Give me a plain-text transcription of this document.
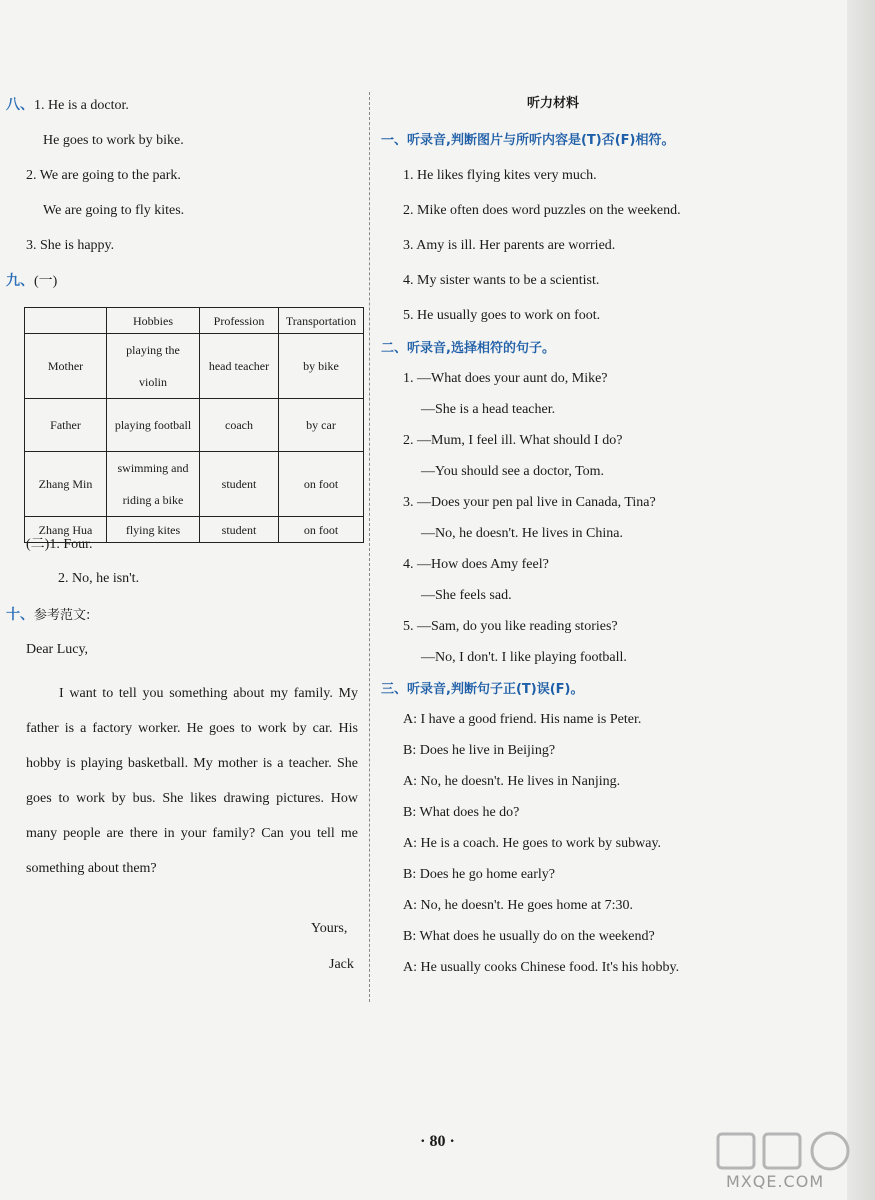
八、1. He is a doctor.
He goes to work by bike.
2. We are going to the park.
We are going to fly kites.
3. She is happy.
九、(一)
	Hobbies	Profession	Transportation
Mother	playing the violin	head teacher	by bike
Father	playing football	coach	by car
Zhang Min	swimming and riding a bike	student	on foot
Zhang Hua	flying kites	student	on foot
(二)1. Four.
2. No, he isn't.
十、参考范文:
Dear Lucy,

I want to tell you something about my family. My father is a factory worker. He goes to work by car. His hobby is playing basketball. My mother is a teacher. She goes to work by bus. She likes drawing pictures. How many people are there in your family? Can you tell me something about them?

Yours,
Jack
听力材料
一、听录音,判断图片与所听内容是(T)否(F)相符。
1. He likes flying kites very much.
2. Mike often does word puzzles on the weekend.
3. Amy is ill. Her parents are worried.
4. My sister wants to be a scientist.
5. He usually goes to work on foot.
二、听录音,选择相符的句子。
1. —What does your aunt do, Mike?
—She is a head teacher.
2. —Mum, I feel ill. What should I do?
—You should see a doctor, Tom.
3. —Does your pen pal live in Canada, Tina?
—No, he doesn't. He lives in China.
4. —How does Amy feel?
—She feels sad.
5. —Sam, do you like reading stories?
—No, I don't. I like playing football.
三、听录音,判断句子正(T)误(F)。
A: I have a good friend. His name is Peter.
B: Does he live in Beijing?
A: No, he doesn't. He lives in Nanjing.
B: What does he do?
A: He is a coach. He goes to work by subway.
B: Does he go home early?
A: No, he doesn't. He goes home at 7:30.
B: What does he usually do on the weekend?
A: He usually cooks Chinese food. It's his hobby.
· 80 ·
MXQE.COM
